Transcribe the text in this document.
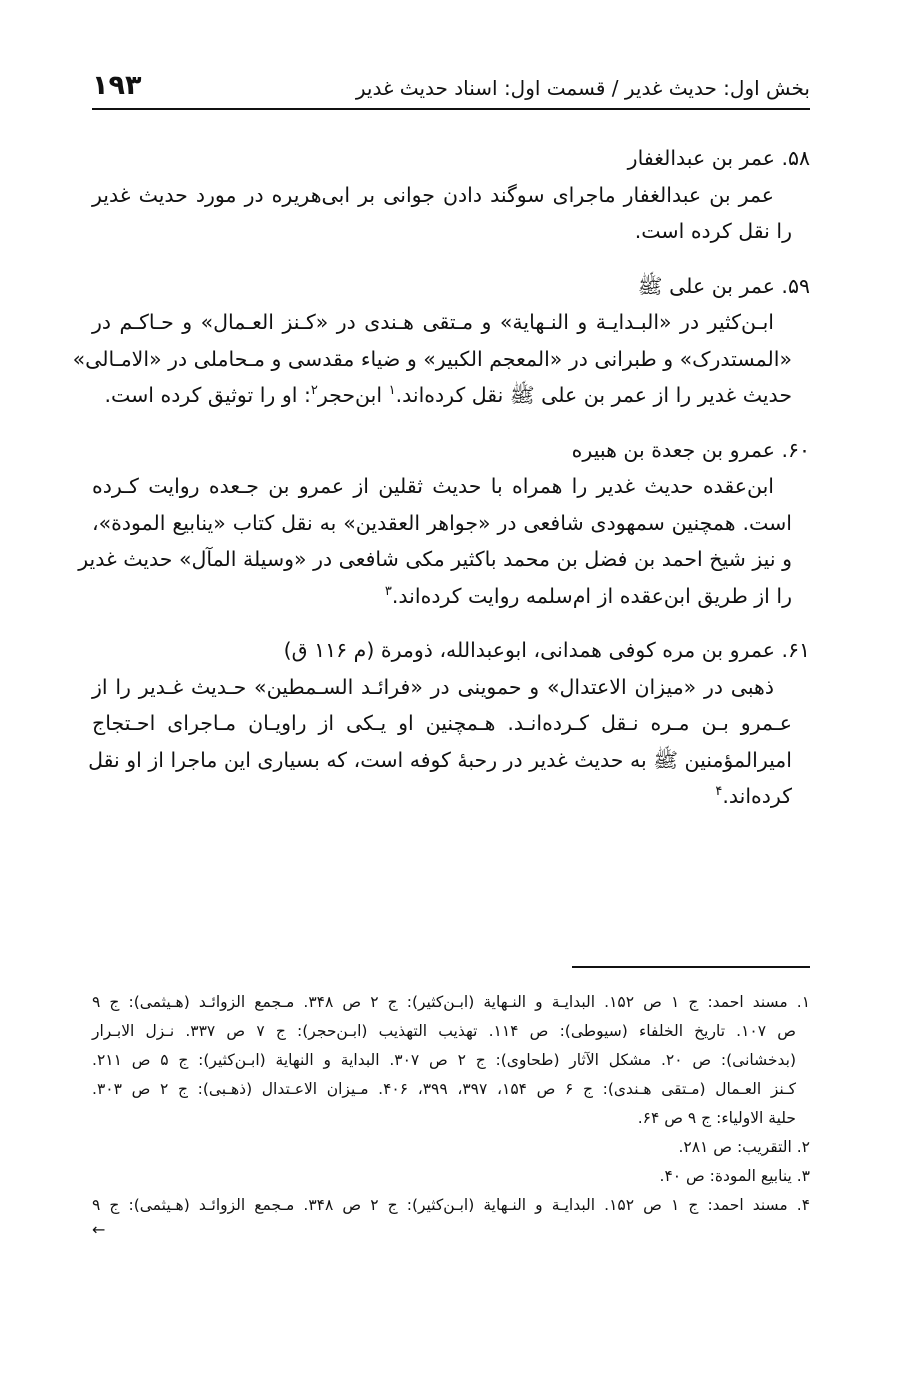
بخش اول: حدیث غدیر / قسمت اول: اسناد حدیث غدیر
۱۹۳
۵۸. عمر بن عبدالغفار

عمر بن عبدالغفار ماجرای سوگند دادن جوانی بر ابی‌هریره در مورد حدیث غدیر
را نقل کرده است.

۵۹. عمر بن علی ﷺ

ابـن‌کثیر در «البـدایـة و النـهایة» و مـتقی هـندی در «کـنز العـمال» و حـاکـم در
«المستدرک» و طبرانی در «المعجم الکبیر» و ضیاء مقدسی و مـحاملی در «الامـالی»
حدیث غدیر را از عمر بن علی ﷺ نقل کرده‌اند.$^۱$ ابن‌حجر$^۲$: او را توثیق کرده است.

۶۰. عمرو بن جعدة بن هبیره

ابن‌عقده حدیث غدیر را همراه با حدیث ثقلین از عمرو بن جـعده روایت کـرده
است. همچنین سمهودی شافعی در «جواهر العقدین» به نقل کتاب «ینابیع المودة»،
و نیز شیخ احمد بن فضل بن محمد باکثیر مکی شافعی در «وسیلة المآل» حدیث غدیر
را از طریق ابن‌عقده از ام‌سلمه روایت کرده‌اند.$^۳$

۶۱. عمرو بن مره کوفی همدانی، ابوعبدالله، ذومرة (م ۱۱۶ ق)

ذهبی در «میزان الاعتدال» و حموینی در «فرائـد السـمطین» حـدیث غـدیر را از
عـمرو بـن مـره نـقل کـرده‌انـد. هـمچنین او یـکی از راویـان مـاجرای احـتجاج
امیرالمؤمنین ﷺ به حدیث غدیر در رحبهٔ کوفه است، که بسیاری این ماجرا از او نقل
کرده‌اند.$^۴$

۱. مسند احمد: ج ۱ ص ۱۵۲. البدایـة و النـهایة (ابـن‌کثیر): ج ۲ ص ۳۴۸. مـجمع الزوائـد (هـیثمی): ج ۹
ص ۱۰۷. تاریخ الخلفاء (سیوطی): ص ۱۱۴. تهذیب التهذیب (ابـن‌حجر): ج ۷ ص ۳۳۷. نـزل الابـرار
(بدخشانی): ص ۲۰. مشکل الآثار (طحاوی): ج ۲ ص ۳۰۷. البدایة و النهایة (ابـن‌کثیر): ج ۵ ص ۲۱۱.
کـنز العـمال (مـتقی هـندی): ج ۶ ص ۱۵۴، ۳۹۷، ۳۹۹، ۴۰۶. مـیزان الاعـتدال (ذهـبی): ج ۲ ص ۳۰۳.
حلیة الاولیاء: ج ۹ ص ۶۴.

۲. التقریب: ص ۲۸۱.

۳. ینابیع المودة: ص ۴۰.

۴. مسند احمد: ج ۱ ص ۱۵۲. البدایـة و النـهایة (ابـن‌کثیر): ج ۲ ص ۳۴۸. مـجمع الزوائـد (هـیثمی): ج ۹

←
